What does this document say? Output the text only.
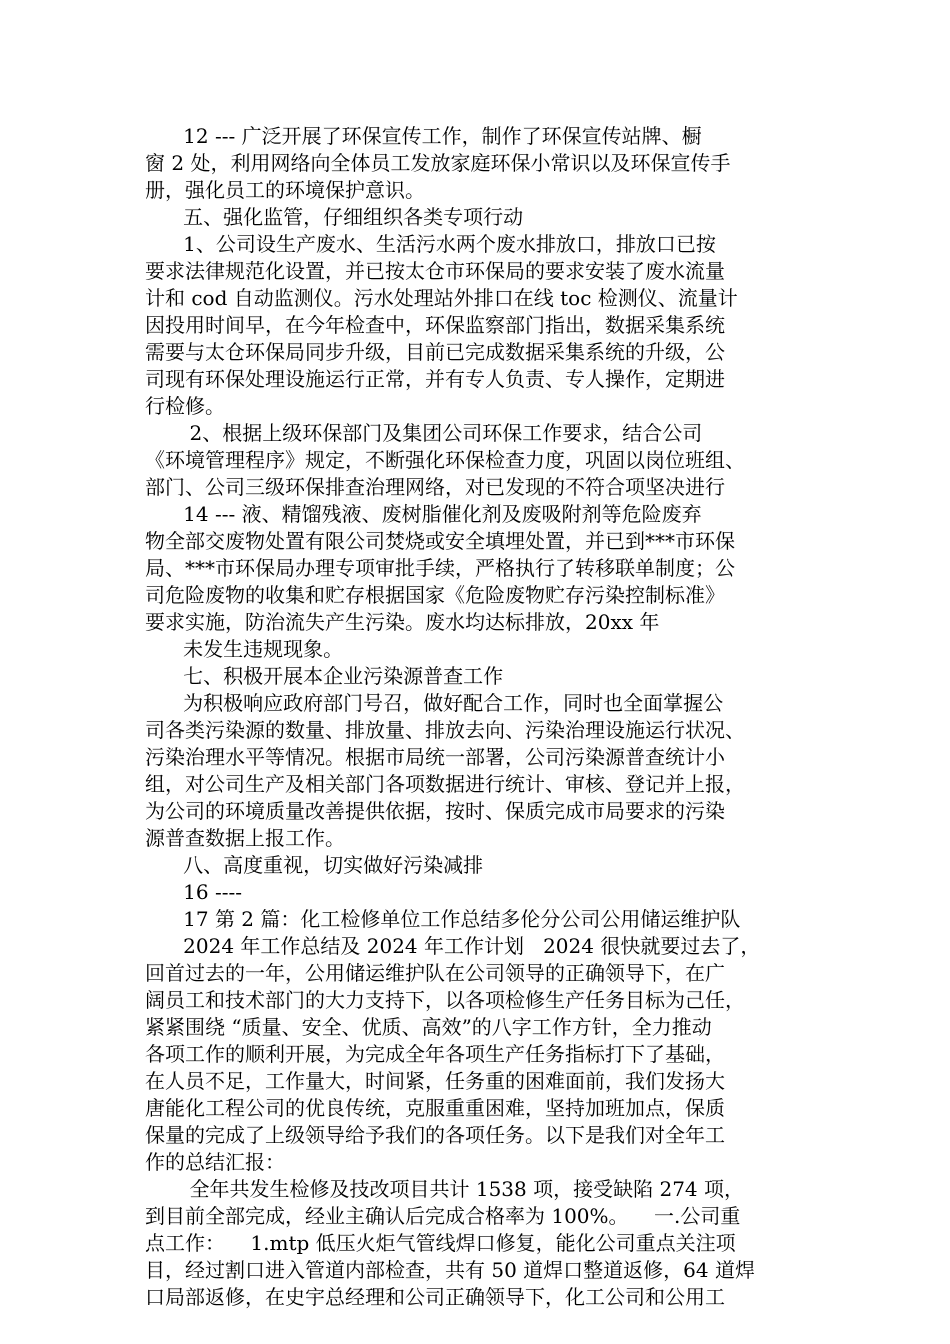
12 --- 广泛开展了环保宣传工作，制作了环保宣传站牌、橱
窗 2 处，利用网络向全体员工发放家庭环保小常识以及环保宣传手
册，强化员工的环境保护意识。
五、强化监管，仔细组织各类专项行动
1、公司设生产废水、生活污水两个废水排放口，排放口已按
要求法律规范化设置，并已按太仓市环保局的要求安装了废水流量
计和 cod 自动监测仪。污水处理站外排口在线 toc 检测仪、流量计
因投用时间早，在今年检查中，环保监察部门指出，数据采集系统
需要与太仓环保局同步升级，目前已完成数据采集系统的升级，公
司现有环保处理设施运行正常，并有专人负责、专人操作，定期进
行检修。
2、根据上级环保部门及集团公司环保工作要求，结合公司
《环境管理程序》规定，不断强化环保检查力度，巩固以岗位班组、
部门、公司三级环保排查治理网络，对已发现的不符合项坚决进行
14 --- 液、精馏残液、废树脂催化剂及废吸附剂等危险废弃
物全部交废物处置有限公司焚烧或安全填埋处置，并已到***市环保
局、***市环保局办理专项审批手续，严格执行了转移联单制度；公
司危险废物的收集和贮存根据国家《危险废物贮存污染控制标准》
要求实施，防治流失产生污染。废水均达标排放，20xx 年
未发生违规现象。
七、积极开展本企业污染源普查工作
为积极响应政府部门号召，做好配合工作，同时也全面掌握公
司各类污染源的数量、排放量、排放去向、污染治理设施运行状况、
污染治理水平等情况。根据市局统一部署，公司污染源普查统计小
组，对公司生产及相关部门各项数据进行统计、审核、登记并上报，
为公司的环境质量改善提供依据，按时、保质完成市局要求的污染
源普查数据上报工作。
八、高度重视，切实做好污染减排
16 ----
17 第 2 篇：化工检修单位工作总结多伦分公司公用储运维护队
2024 年工作总结及 2024 年工作计划   2024 很快就要过去了，
回首过去的一年，公用储运维护队在公司领导的正确领导下，在广
阔员工和技术部门的大力支持下，以各项检修生产任务目标为己任，
紧紧围绕 “质量、安全、优质、高效”的八字工作方针，全力推动
各项工作的顺利开展，为完成全年各项生产任务指标打下了基础，
在人员不足，工作量大，时间紧，任务重的困难面前，我们发扬大
唐能化工程公司的优良传统，克服重重困难，坚持加班加点，保质
保量的完成了上级领导给予我们的各项任务。以下是我们对全年工
作的总结汇报：
全年共发生检修及技改项目共计 1538 项，接受缺陷 274 项，
到目前全部完成，经业主确认后完成合格率为 100%。    一.公司重
点工作：    1.mtp 低压火炬气管线焊口修复，能化公司重点关注项
目，经过割口进入管道内部检查，共有 50 道焊口整道返修，64 道焊
口局部返修，在史宇总经理和公司正确领导下，化工公司和公用工
